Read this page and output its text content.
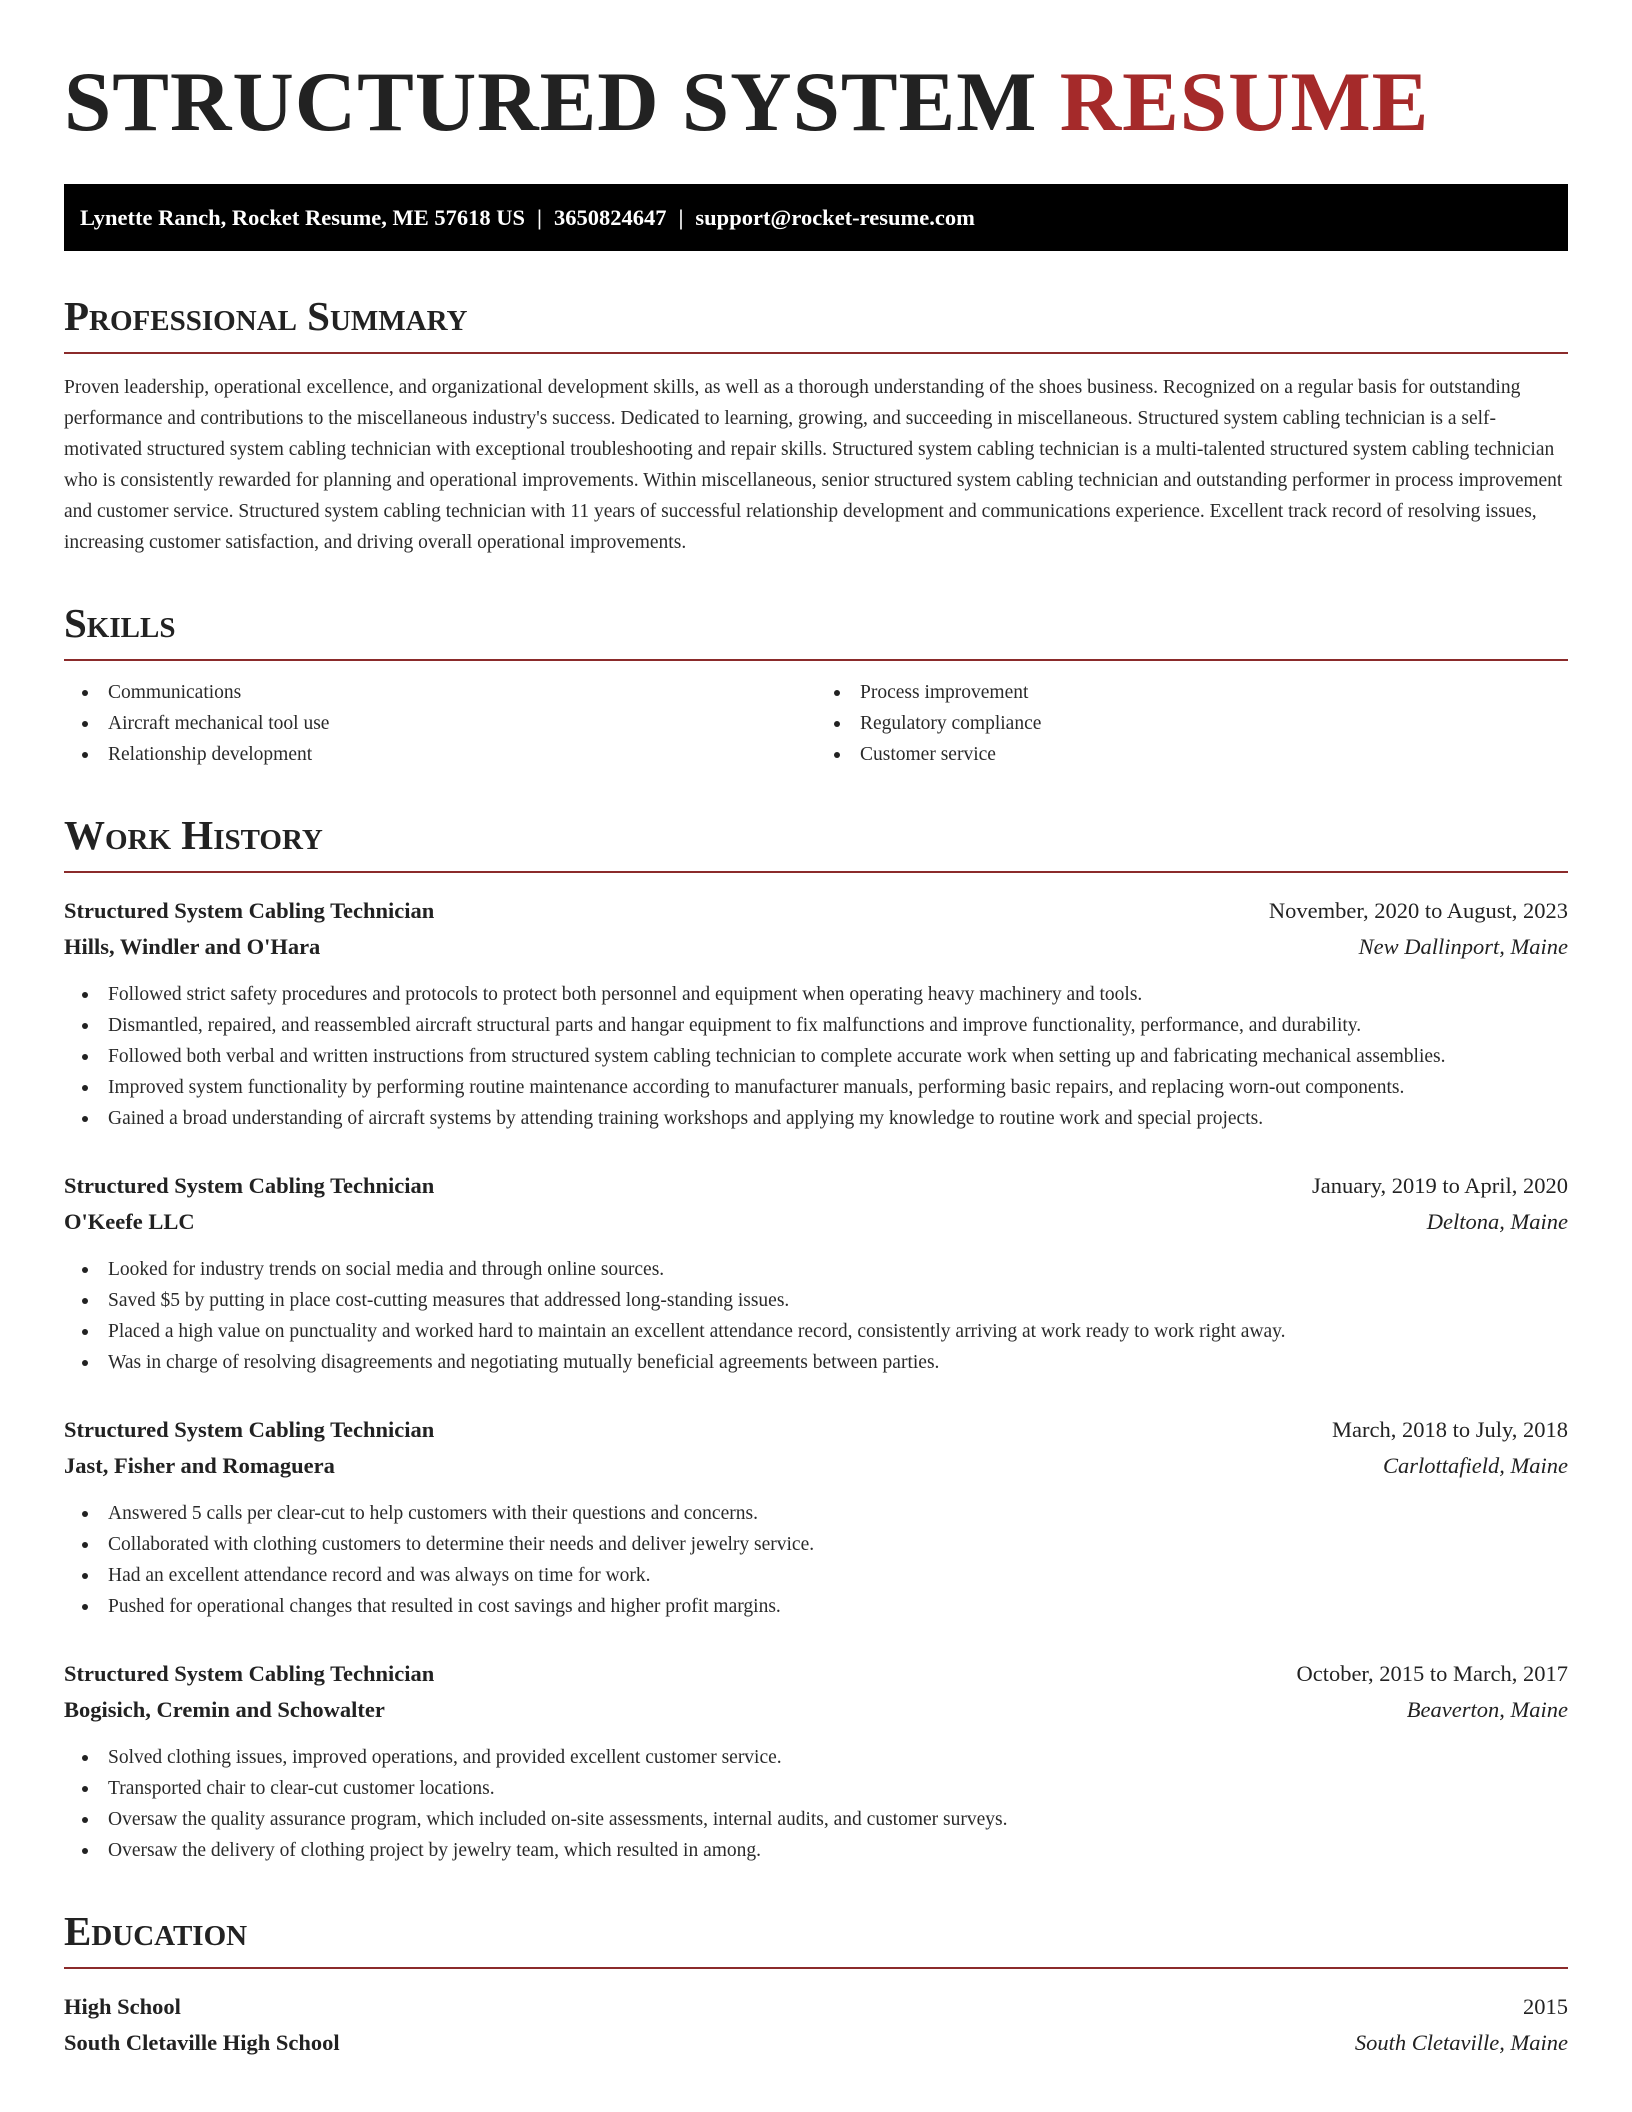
STRUCTURED SYSTEM RESUME
Lynette Ranch, Rocket Resume, ME 57618 US | 3650824647 | support@rocket-resume.com
Professional Summary

Proven leadership, operational excellence, and organizational development skills, as well as a thorough understanding of the shoes business. Recognized on a regular basis for outstanding performance and contributions to the miscellaneous industry's success. Dedicated to learning, growing, and succeeding in miscellaneous. Structured system cabling technician is a self-motivated structured system cabling technician with exceptional troubleshooting and repair skills. Structured system cabling technician is a multi-talented structured system cabling technician who is consistently rewarded for planning and operational improvements. Within miscellaneous, senior structured system cabling technician and outstanding performer in process improvement and customer service. Structured system cabling technician with 11 years of successful relationship development and communications experience. Excellent track record of resolving issues, increasing customer satisfaction, and driving overall operational improvements.

Skills
Communications
Aircraft mechanical tool use
Relationship development
Process improvement
Regulatory compliance
Customer service
Work History
Structured System Cabling Technician	November, 2020 to August, 2023
Hills, Windler and O'Hara	New Dallinport, Maine
Followed strict safety procedures and protocols to protect both personnel and equipment when operating heavy machinery and tools.
Dismantled, repaired, and reassembled aircraft structural parts and hangar equipment to fix malfunctions and improve functionality, performance, and durability.
Followed both verbal and written instructions from structured system cabling technician to complete accurate work when setting up and fabricating mechanical assemblies.
Improved system functionality by performing routine maintenance according to manufacturer manuals, performing basic repairs, and replacing worn-out components.
Gained a broad understanding of aircraft systems by attending training workshops and applying my knowledge to routine work and special projects.
Structured System Cabling Technician	January, 2019 to April, 2020
O'Keefe LLC	Deltona, Maine
Looked for industry trends on social media and through online sources.
Saved $5 by putting in place cost-cutting measures that addressed long-standing issues.
Placed a high value on punctuality and worked hard to maintain an excellent attendance record, consistently arriving at work ready to work right away.
Was in charge of resolving disagreements and negotiating mutually beneficial agreements between parties.
Structured System Cabling Technician	March, 2018 to July, 2018
Jast, Fisher and Romaguera	Carlottafield, Maine
Answered 5 calls per clear-cut to help customers with their questions and concerns.
Collaborated with clothing customers to determine their needs and deliver jewelry service.
Had an excellent attendance record and was always on time for work.
Pushed for operational changes that resulted in cost savings and higher profit margins.
Structured System Cabling Technician	October, 2015 to March, 2017
Bogisich, Cremin and Schowalter	Beaverton, Maine
Solved clothing issues, improved operations, and provided excellent customer service.
Transported chair to clear-cut customer locations.
Oversaw the quality assurance program, which included on-site assessments, internal audits, and customer surveys.
Oversaw the delivery of clothing project by jewelry team, which resulted in among.
Education
High School	2015
South Cletaville High School	South Cletaville, Maine
